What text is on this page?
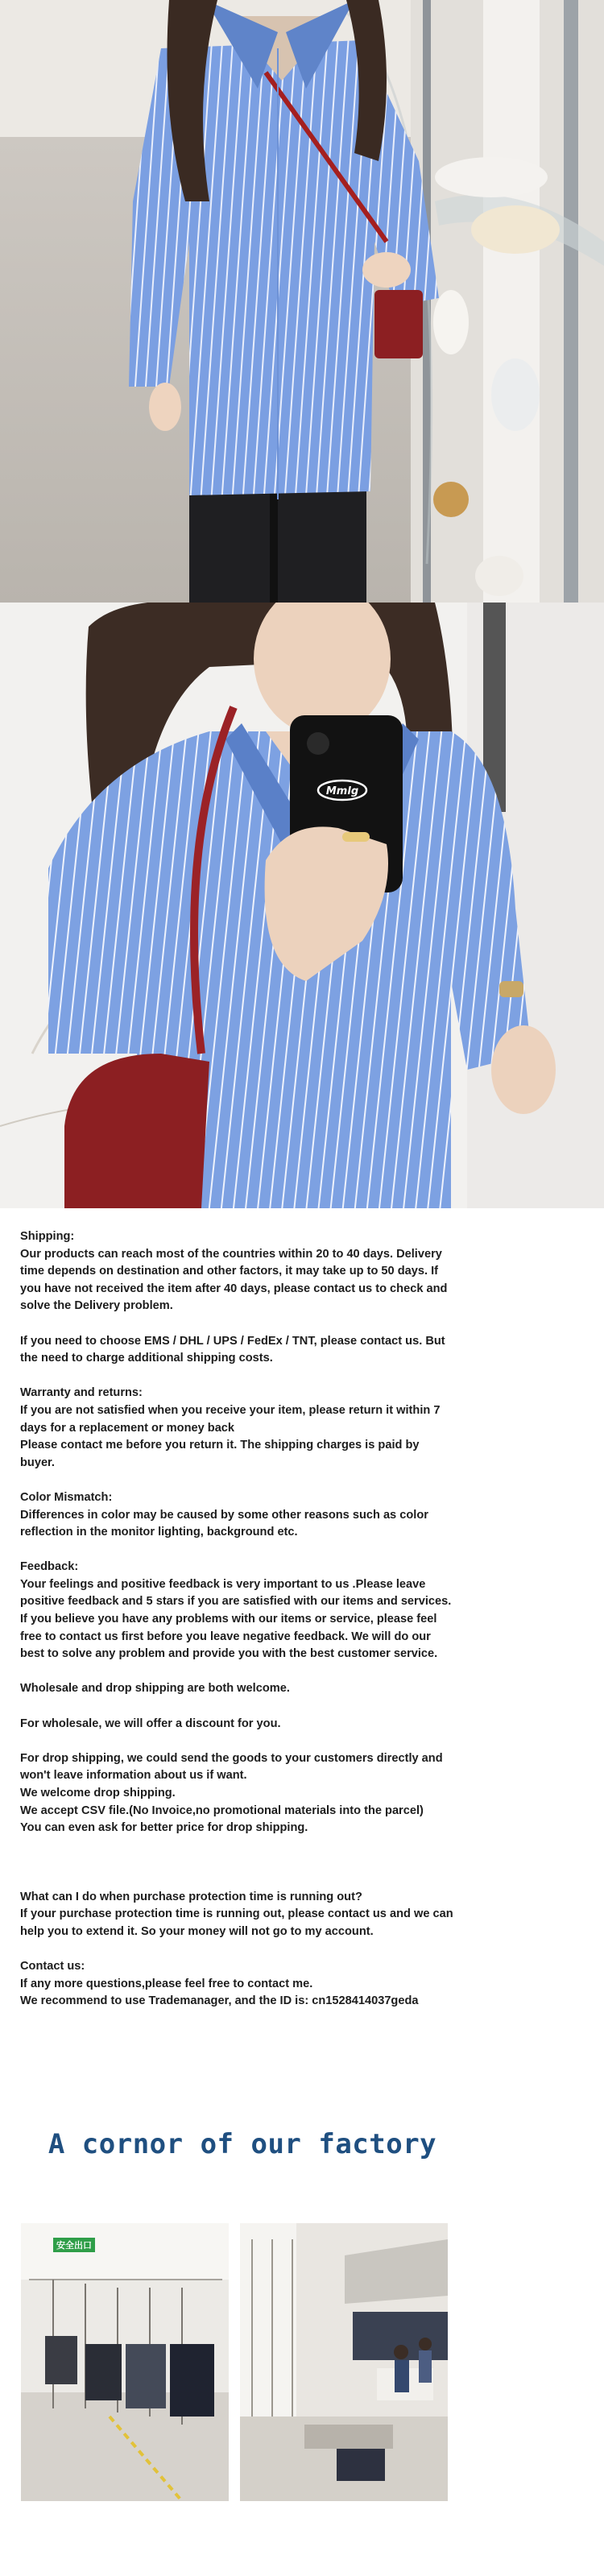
Mmlg
Shipping:
Our products can reach most of the countries within 20 to 40 days. Delivery
time depends on destination and other factors, it may take up to 50 days. If
you have not received the item after 40 days, please contact us to check and
solve the Delivery problem.
If you need to choose EMS / DHL / UPS / FedEx / TNT, please contact us. But
the need to charge additional shipping costs.
Warranty and returns:
If you are not satisfied when you receive your item, please return it within 7
days for a replacement or money back
Please contact me before you return it. The shipping charges is paid by
buyer.
Color Mismatch:
Differences in color may be caused by some other reasons such as color
reflection in the monitor lighting, background etc.
Feedback:
Your feelings and positive feedback is very important to us .Please leave
positive feedback and 5 stars if you are satisfied with our items and services.
If you believe you have any problems with our items or service, please feel
free to contact us first before you leave negative feedback. We will do our
best to solve any problem and provide you with the best customer service.
Wholesale and drop shipping are both welcome.
For wholesale, we will offer a discount for you.
For drop shipping, we could send the goods to your customers directly and
won't leave information about us if want.
We welcome drop shipping.
We accept CSV file.(No Invoice,no promotional materials into the parcel)
You can even ask for better price for drop shipping.
What can I do when purchase protection time is running out?
If your purchase protection time is running out, please contact us and we can
help you to extend it. So your money will not go to my account.
Contact us:
If any more questions,please feel free to contact me.
We recommend to use Trademanager, and the ID is: cn1528414037geda
A cornor of our factory
安全出口
